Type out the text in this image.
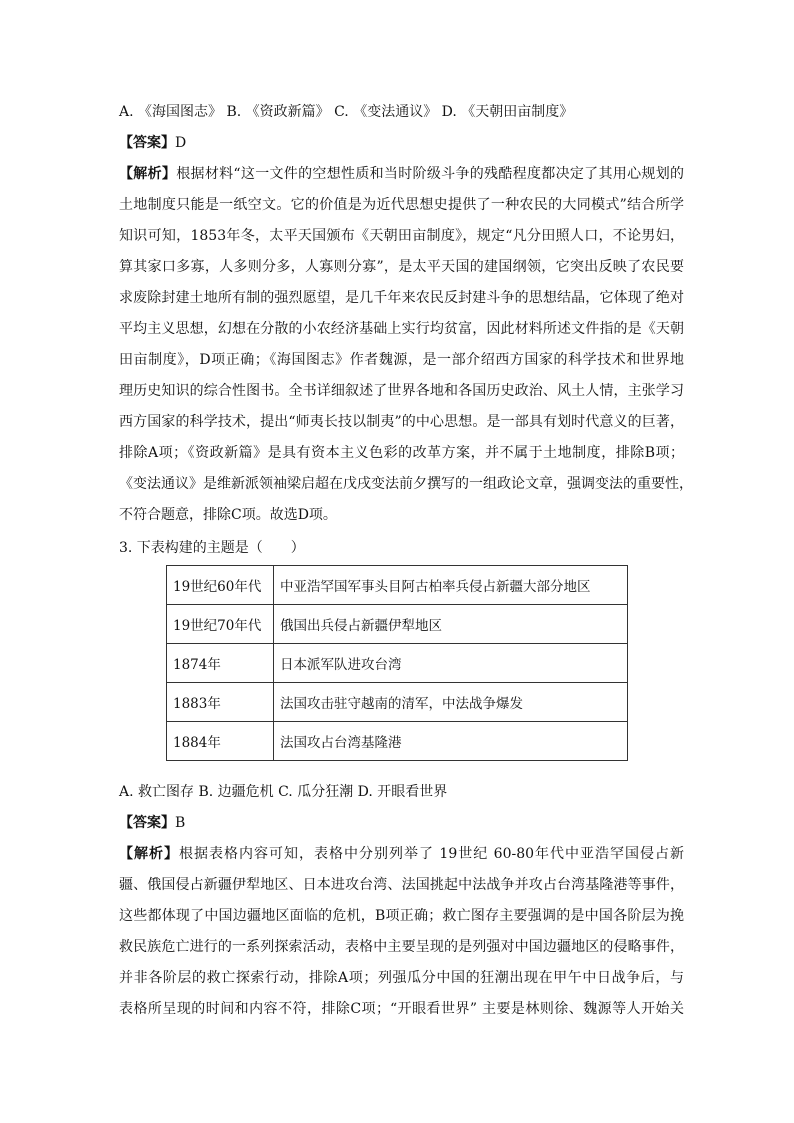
A. 《海国图志》 B. 《资政新篇》 C. 《变法通议》 D. 《天朝田亩制度》
【答案】D
【解析】根据材料“这一文件的空想性质和当时阶级斗争的残酷程度都决定了其用心规划的
土地制度只能是一纸空文。它的价值是为近代思想史提供了一种农民的大同模式”结合所学
知识可知，1853年冬，太平天国颁布《天朝田亩制度》，规定“凡分田照人口，不论男妇，
算其家口多寡，人多则分多，人寡则分寡”，是太平天国的建国纲领，它突出反映了农民要
求废除封建土地所有制的强烈愿望，是几千年来农民反封建斗争的思想结晶，它体现了绝对
平均主义思想，幻想在分散的小农经济基础上实行均贫富，因此材料所述文件指的是《天朝
田亩制度》，D项正确；《海国图志》作者魏源，是一部介绍西方国家的科学技术和世界地
理历史知识的综合性图书。全书详细叙述了世界各地和各国历史政治、风土人情，主张学习
西方国家的科学技术，提出“师夷长技以制夷”的中心思想。是一部具有划时代意义的巨著，
排除A项；《资政新篇》是具有资本主义色彩的改革方案，并不属于土地制度，排除B项；
《变法通议》是维新派领袖梁启超在戊戌变法前夕撰写的一组政论文章，强调变法的重要性，
不符合题意，排除C项。故选D项。
3. 下表构建的主题是（　　）
19世纪60年代	中亚浩罕国军事头目阿古柏率兵侵占新疆大部分地区
19世纪70年代	俄国出兵侵占新疆伊犁地区
1874年	日本派军队进攻台湾
1883年	法国攻击驻守越南的清军，中法战争爆发
1884年	法国攻占台湾基隆港
A. 救亡图存 B. 边疆危机 C. 瓜分狂潮 D. 开眼看世界
【答案】B
【解析】根据表格内容可知，表格中分别列举了 19世纪 60-80年代中亚浩罕国侵占新
疆、俄国侵占新疆伊犁地区、日本进攻台湾、法国挑起中法战争并攻占台湾基隆港等事件，
这些都体现了中国边疆地区面临的危机，B项正确；救亡图存主要强调的是中国各阶层为挽
救民族危亡进行的一系列探索活动，表格中主要呈现的是列强对中国边疆地区的侵略事件，
并非各阶层的救亡探索行动，排除A项；列强瓜分中国的狂潮出现在甲午中日战争后，与
表格所呈现的时间和内容不符，排除C项；“开眼看世界” 主要是林则徐、魏源等人开始关
